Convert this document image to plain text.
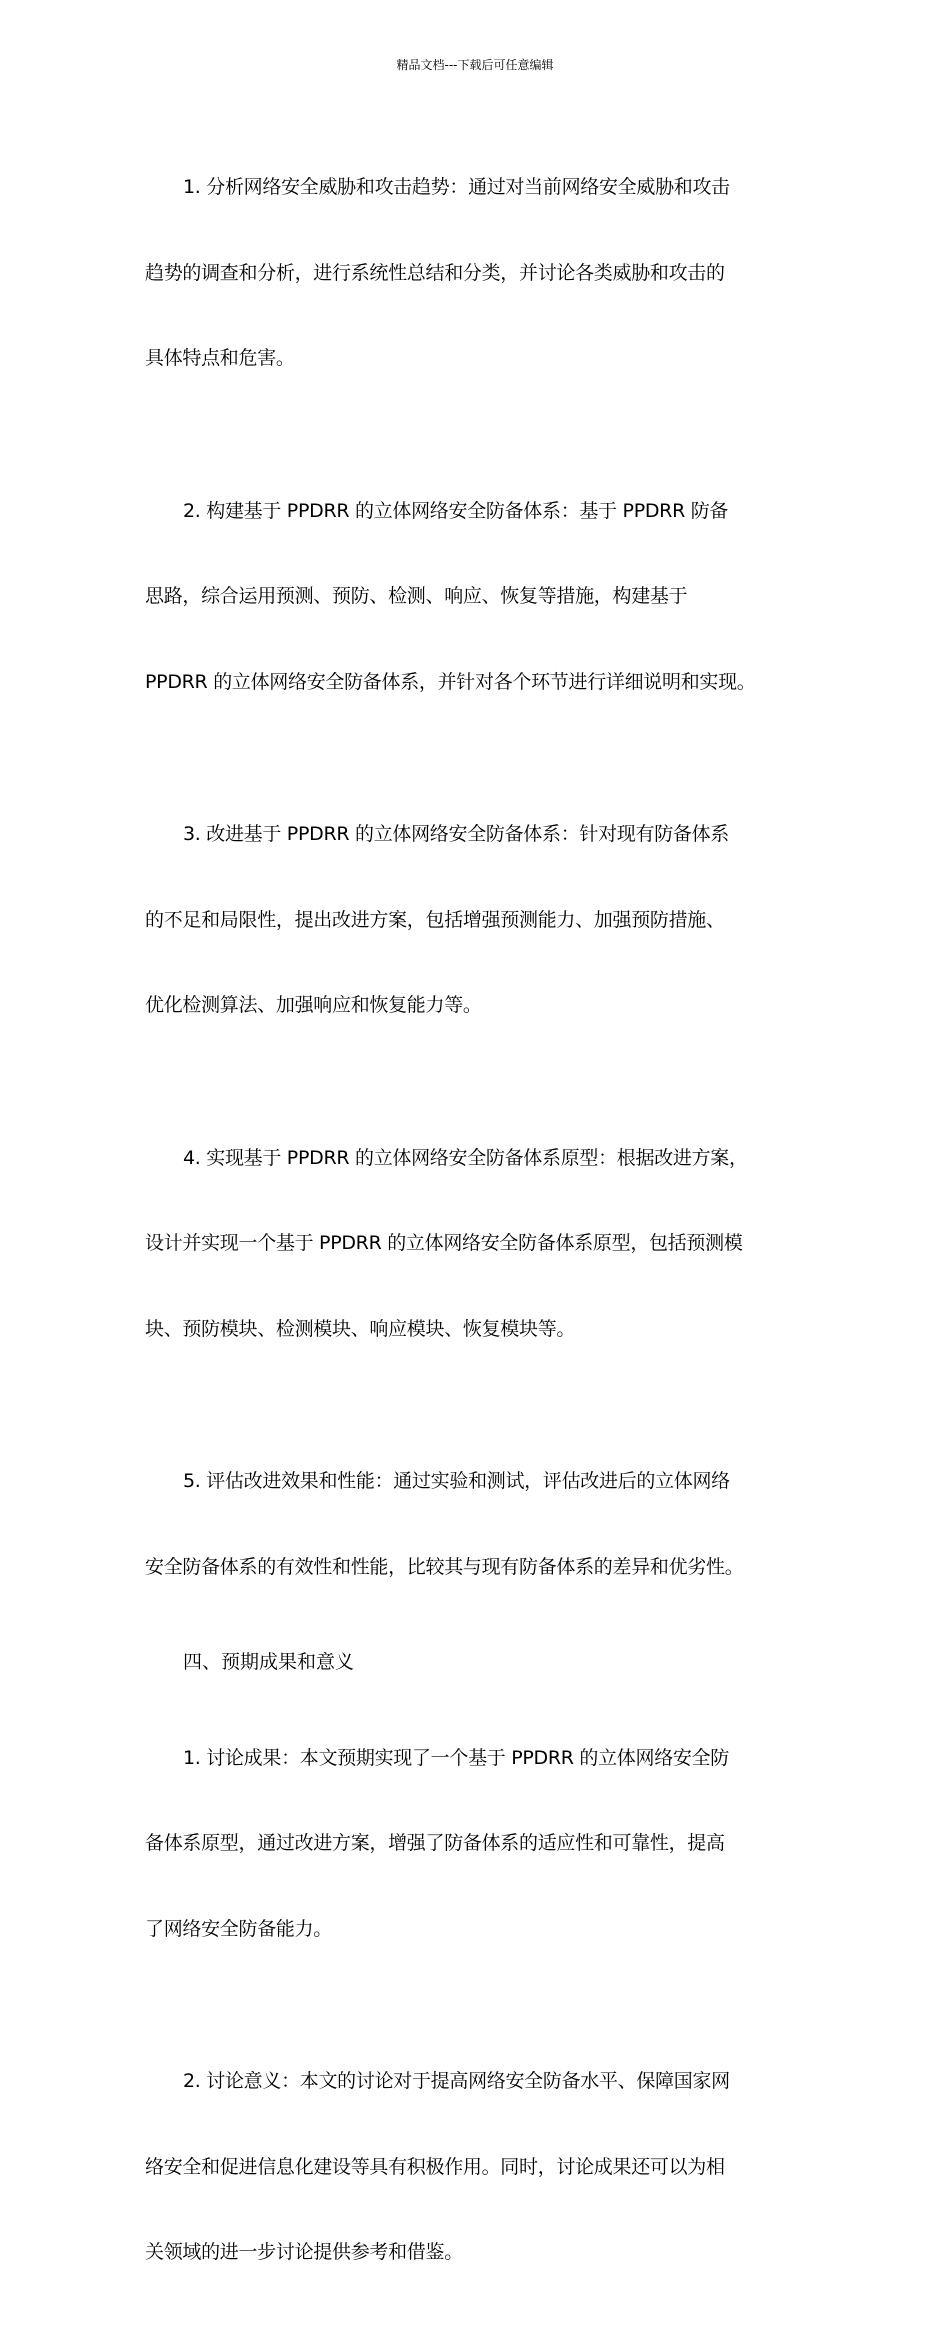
精品文档---下载后可任意编辑

1. 分析网络安全威胁和攻击趋势：通过对当前网络安全威胁和攻击

趋势的调查和分析，进行系统性总结和分类，并讨论各类威胁和攻击的

具体特点和危害。

2. 构建基于 PPDRR 的立体网络安全防备体系：基于 PPDRR 防备

思路，综合运用预测、预防、检测、响应、恢复等措施，构建基于

PPDRR 的立体网络安全防备体系，并针对各个环节进行详细说明和实现。

3. 改进基于 PPDRR 的立体网络安全防备体系：针对现有防备体系

的不足和局限性，提出改进方案，包括增强预测能力、加强预防措施、

优化检测算法、加强响应和恢复能力等。

4. 实现基于 PPDRR 的立体网络安全防备体系原型：根据改进方案，

设计并实现一个基于 PPDRR 的立体网络安全防备体系原型，包括预测模

块、预防模块、检测模块、响应模块、恢复模块等。

5. 评估改进效果和性能：通过实验和测试，评估改进后的立体网络

安全防备体系的有效性和性能，比较其与现有防备体系的差异和优劣性。

四、预期成果和意义

1. 讨论成果：本文预期实现了一个基于 PPDRR 的立体网络安全防

备体系原型，通过改进方案，增强了防备体系的适应性和可靠性，提高

了网络安全防备能力。

2. 讨论意义：本文的讨论对于提高网络安全防备水平、保障国家网

络安全和促进信息化建设等具有积极作用。同时，讨论成果还可以为相

关领域的进一步讨论提供参考和借鉴。
